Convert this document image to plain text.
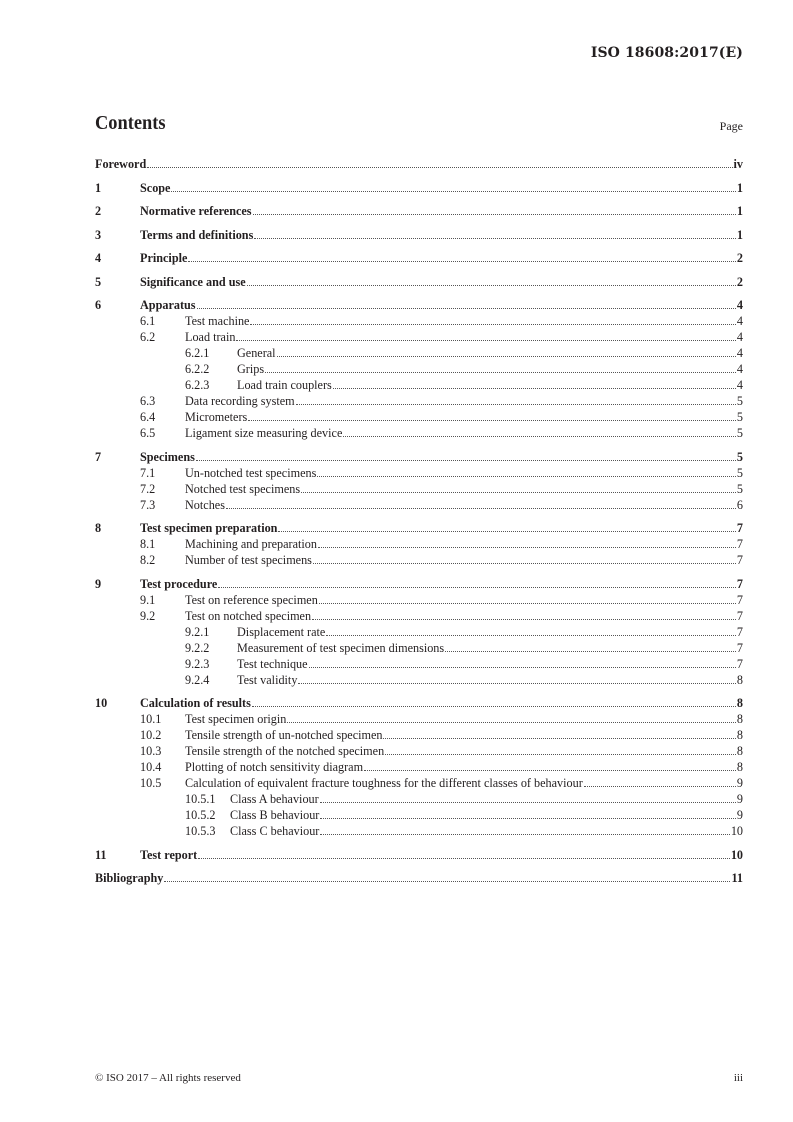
ISO 18608:2017(E)
Contents	Page
Foreword	iv
1	Scope	1
2	Normative references	1
3	Terms and definitions	1
4	Principle	2
5	Significance and use	2
6	Apparatus	4
6.1	Test machine	4
6.2	Load train	4
6.2.1	General	4
6.2.2	Grips	4
6.2.3	Load train couplers	4
6.3	Data recording system	5
6.4	Micrometers	5
6.5	Ligament size measuring device	5
7	Specimens	5
7.1	Un-notched test specimens	5
7.2	Notched test specimens	5
7.3	Notches	6
8	Test specimen preparation	7
8.1	Machining and preparation	7
8.2	Number of test specimens	7
9	Test procedure	7
9.1	Test on reference specimen	7
9.2	Test on notched specimen	7
9.2.1	Displacement rate	7
9.2.2	Measurement of test specimen dimensions	7
9.2.3	Test technique	7
9.2.4	Test validity	8
10	Calculation of results	8
10.1	Test specimen origin	8
10.2	Tensile strength of un-notched specimen	8
10.3	Tensile strength of the notched specimen	8
10.4	Plotting of notch sensitivity diagram	8
10.5	Calculation of equivalent fracture toughness for the different classes of behaviour	9
10.5.1	Class A behaviour	9
10.5.2	Class B behaviour	9
10.5.3	Class C behaviour	10
11	Test report	10
Bibliography	11
© ISO 2017 – All rights reserved	iii
